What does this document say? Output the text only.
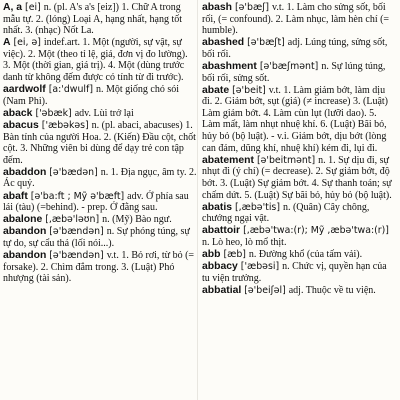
A, a [ei] n. (pl. A's a's [eiz]) 1. Chữ A trong mẫu tự. 2. (lóng) Loại A, hạng nhất, hạng tốt nhất. 3. (nhạc) Nốt La.

A [ei, ə] indef.art. 1. Một (người, sự vật, sự việc). 2. Một (theo tỉ lệ, giá, đơn vị đo lường). 3. Một (thời gian, giá trị). 4. Một (dùng trước danh từ không đếm được có tính từ đi trước).

aardwolf [a:'dwulf] n. Một giống chó sói (Nam Phi).

aback ['əbæk] adv. Lùi trở lại

abacus ['æbəkəs] n. (pl. abaci, abacuses) 1. Bàn tính của người Hoa. 2. (Kiến) Đầu cột, chốt cột. 3. Những viên bi dùng để dạy trẻ con tập đếm.

abaddon [ə'bædən] n. 1. Địa ngục, âm ty. 2. Ác quỷ.

abaft [ə'ba:ft ; Mỹ ə'bæft] adv. Ở phía sau lái (tàu) (=behind). - prep. Ở đằng sau.

abalone [,æbə'ləʊn] n. (Mỹ) Bào ngư.

abandon [ə'bændən] n. Sự phóng túng, sự tự do, sự cẩu thả (lối nói...).

abandon [ə'bændən] v.t. 1. Bỏ rơi, từ bỏ (= forsake). 2. Chìm đắm trong. 3. (Luật) Phó nhượng (tài sản).

abash [ə'bæʃ] v.t. 1. Làm cho sửng sốt, bối rối, (= confound). 2. Làm nhục, làm hèn chí (= humble).

abashed [ə'bæʃt] adj. Lúng túng, sửng sốt, bối rối.

abashment [ə'bæʃmənt] n. Sự lúng túng, bối rối, sửng sốt.

abate [ə'beit] v.t. 1. Làm giảm bớt, làm dịu đi. 2. Giảm bớt, sụt (giá) (≠ increase) 3. (Luật) Làm giảm bớt. 4. Làm cùn lụt (lưỡi dao). 5. Làm mất, làm nhụt nhuệ khí. 6. (Luật) Bãi bỏ, hủy bỏ (bộ luật). - v.i. Giảm bớt, dịu bớt (lòng can đảm, dũng khí, nhuệ khí) kém đi, lụi đi.

abatement [ə'beitmənt] n. 1. Sự dịu đi, sự nhụt đi (ý chí) (= decrease). 2. Sự giảm bớt, độ bớt. 3. (Luật) Sự giảm bớt. 4. Sự thanh toán; sự chấm dứt. 5. (Luật) Sự bãi bỏ, hủy bỏ (bộ luật).

abatis [,æbə'tis] n. (Quân) Cây chông, chướng ngại vật.

abattoir [,æbə'twa:(r); Mỹ ,æbə'twa:(r)] n. Lò heo, lò mổ thịt.

abb [æb] n. Đường khổ (của tấm vải).

abbacy ['æbəsi] n. Chức vị, quyền hạn của tu viện trưởng.

abbatial [ə'beiʃəl] adj. Thuộc về tu viện.
